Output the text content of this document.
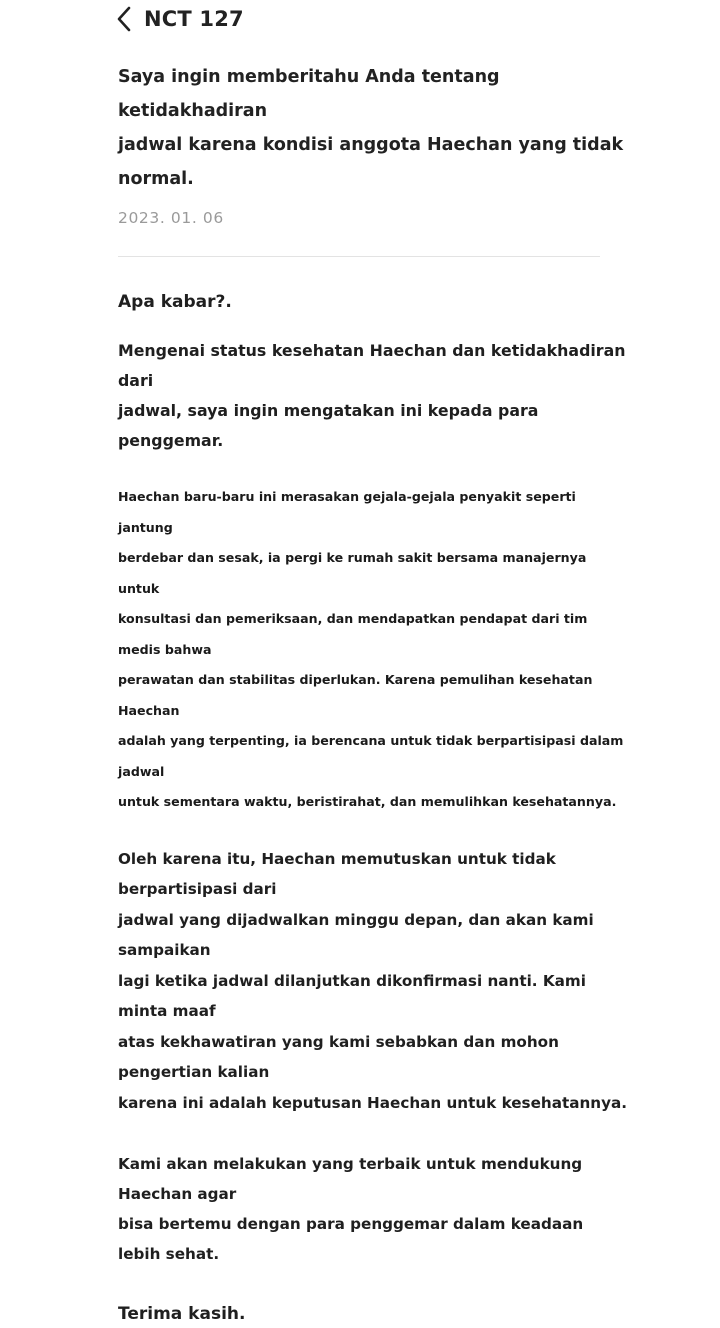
NCT 127
Saya ingin memberitahu Anda tentang ketidakhadiran
jadwal karena kondisi anggota Haechan yang tidak normal.
2023. 01. 06
Apa kabar?.
Mengenai status kesehatan Haechan dan ketidakhadiran dari
jadwal, saya ingin mengatakan ini kepada para penggemar.
Haechan baru-baru ini merasakan gejala-gejala penyakit seperti jantung
berdebar dan sesak, ia pergi ke rumah sakit bersama manajernya untuk
konsultasi dan pemeriksaan, dan mendapatkan pendapat dari tim medis bahwa
perawatan dan stabilitas diperlukan. Karena pemulihan kesehatan Haechan
adalah yang terpenting, ia berencana untuk tidak berpartisipasi dalam jadwal
untuk sementara waktu, beristirahat, dan memulihkan kesehatannya.
Oleh karena itu, Haechan memutuskan untuk tidak berpartisipasi dari
jadwal yang dijadwalkan minggu depan, dan akan kami sampaikan
lagi ketika jadwal dilanjutkan dikonfirmasi nanti. Kami minta maaf
atas kekhawatiran yang kami sebabkan dan mohon pengertian kalian
karena ini adalah keputusan Haechan untuk kesehatannya.
Kami akan melakukan yang terbaik untuk mendukung Haechan agar
bisa bertemu dengan para penggemar dalam keadaan lebih sehat.
Terima kasih.
